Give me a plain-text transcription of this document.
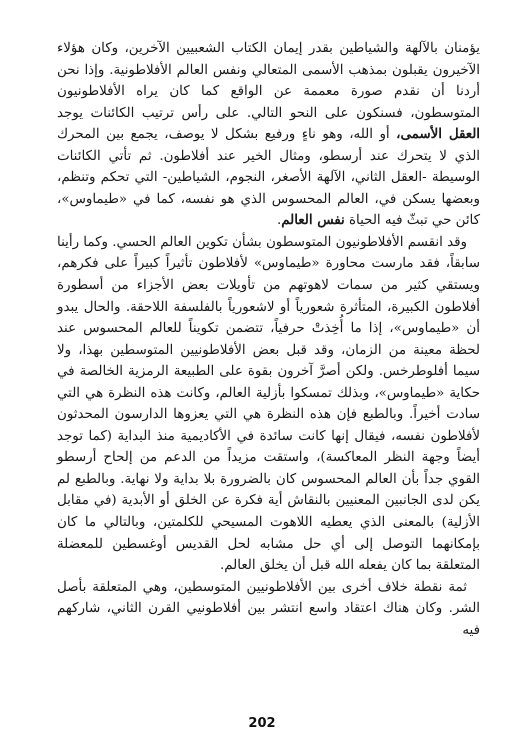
يؤمنان بالآلهة والشياطين بقدر إيمان الكتاب الشعبيين الآخرين، وكان هؤلاء الآخيرون يقبلون بمذهب الأسمى المتعالي ونفس العالم الأفلاطونية. وإذا نحن أردنا أن نقدم صورة معممة عن الواقع كما كان يراه الأفلاطونيون المتوسطون، فسنكون على النحو التالي. على رأس ترتيب الكائنات يوجد العقل الأسمى، أو الله، وهو ناءٍ ورفيع بشكل لا يوصف، يجمع بين المحرك الذي لا يتحرك عند أرسطو، ومثال الخير عند أفلاطون. ثم تأتي الكائنات الوسيطة -العقل الثاني، الآلهة الأصغر، النجوم، الشياطين- التي تحكم وتنظم، وبعضها يسكن في، العالم المحسوس الذي هو نفسه، كما في «طيماوس»، كائن حي تبثّ فيه الحياة نفس العالم.

وقد انقسم الأفلاطونيون المتوسطون بشأن تكوين العالم الحسي. وكما رأينا سابقاً، فقد مارست محاورة «طيماوس» لأفلاطون تأثيراً كبيراً على فكرهم، ويستقي كثير من سمات لاهوتهم من تأويلات بعض الأجزاء من أسطورة أفلاطون الكبيرة، المتأثرة شعورياً أو لاشعورياً بالفلسفة اللاحقة. والحال يبدو أن «طيماوس»، إذا ما أُخِذتْ حرفياً، تتضمن تكويناً للعالم المحسوس عند لحظة معينة من الزمان، وقد قبل بعض الأفلاطونيين المتوسطين بهذا، ولا سيما أفلوطرخس. ولكن أصرَّ آخرون بقوة على الطبيعة الرمزية الخالصة في حكاية «طيماوس»، وبذلك تمسكوا بأزلية العالم، وكانت هذه النظرة هي التي سادت أخيراً. وبالطبع فإن هذه النظرة هي التي يعزوها الدارسون المحدثون لأفلاطون نفسه، فيقال إنها كانت سائدة في الأكاديمية منذ البداية (كما توجد أيضاً وجهة النظر المعاكسة)، واستقت مزيداً من الدعم من إلحاح أرسطو القوي جداً بأن العالم المحسوس كان بالضرورة بلا بداية ولا نهاية. وبالطبع لم يكن لدى الجانبين المعنيين بالنقاش أية فكرة عن الخلق أو الأبدية (في مقابل الأزلية) بالمعنى الذي يعطيه اللاهوت المسيحي للكلمتين، وبالتالي ما كان بإمكانهما التوصل إلى أي حل مشابه لحل القديس أوغسطين للمعضلة المتعلقة بما كان يفعله الله قبل أن يخلق العالم.

ثمة نقطة خلاف أخرى بين الأفلاطونيين المتوسطين، وهي المتعلقة بأصل الشر. وكان هناك اعتقاد واسع انتشر بين أفلاطونيي القرن الثاني، شاركهم فيه

202
